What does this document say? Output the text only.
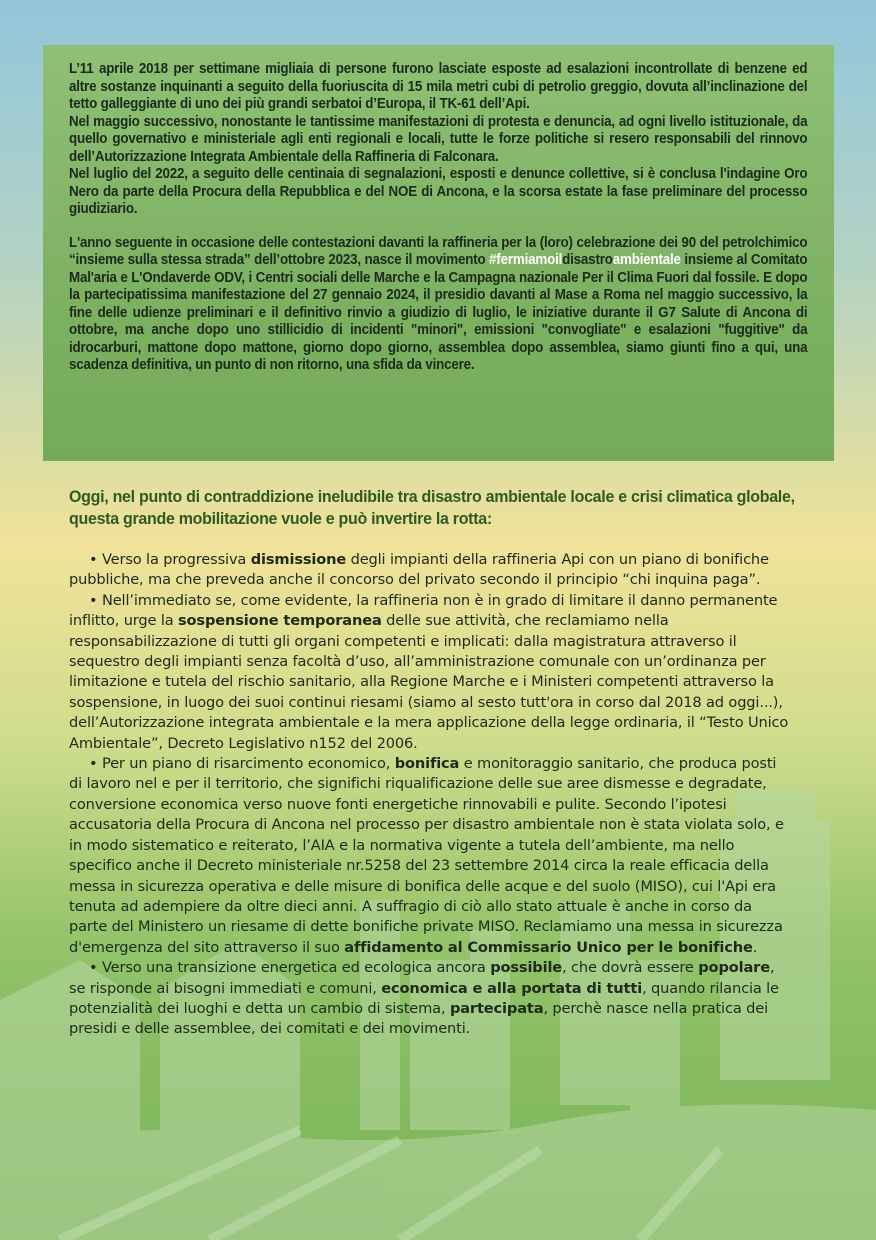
L’11 aprile 2018 per settimane migliaia di persone furono lasciate esposte ad esalazioni incontrollate di benzene ed altre sostanze inquinanti a seguito della fuoriuscita di 15 mila metri cubi di petrolio greggio, dovuta all’inclinazione del tetto galleggiante di uno dei più grandi serbatoi d’Europa, il TK-61 dell’Api.

Nel maggio successivo, nonostante le tantissime manifestazioni di protesta e denuncia, ad ogni livello istituzionale, da quello governativo e ministeriale agli enti regionali e locali, tutte le forze politiche si resero responsabili del rinnovo dell’Autorizzazione Integrata Ambientale della Raffineria di Falconara.

Nel luglio del 2022, a seguito delle centinaia di segnalazioni, esposti e denunce collettive, si è conclusa l'indagine Oro Nero da parte della Procura della Repubblica e del NOE di Ancona, e la scorsa estate la fase preliminare del processo giudiziario.

L'anno seguente in occasione delle contestazioni davanti la raffineria per la (loro) celebrazione dei 90 del petrolchimico “insieme sulla stessa strada” dell’ottobre 2023, nasce il movimento #fermiamoildisastroambientale insieme al Comitato Mal'aria e L'Ondaverde ODV, i Centri sociali delle Marche e la Campagna nazionale Per il Clima Fuori dal fossile. E dopo la partecipatissima manifestazione del 27 gennaio 2024, il presidio davanti al Mase a Roma nel maggio successivo, la fine delle udienze preliminari e il definitivo rinvio a giudizio di luglio, le iniziative durante il G7 Salute di Ancona di ottobre, ma anche dopo uno stillicidio di incidenti "minori", emissioni "convogliate" e esalazioni "fuggitive" da idrocarburi, mattone dopo mattone, giorno dopo giorno, assemblea dopo assemblea, siamo giunti fino a qui, una scadenza definitiva, un punto di non ritorno, una sfida da vincere.

Oggi, nel punto di contraddizione ineludibile tra disastro ambientale locale e crisi climatica globale, questa grande mobilitazione vuole e può invertire la rotta:

• Verso la progressiva dismissione degli impianti della raffineria Api con un piano di bonifiche pubbliche, ma che preveda anche il concorso del privato secondo il principio “chi inquina paga”.

• Nell’immediato se, come evidente, la raffineria non è in grado di limitare il danno permanente inflitto, urge la sospensione temporanea delle sue attività, che reclamiamo nella responsabilizzazione di tutti gli organi competenti e implicati: dalla magistratura attraverso il sequestro degli impianti senza facoltà d’uso, all’amministrazione comunale con un’ordinanza per limitazione e tutela del rischio sanitario, alla Regione Marche e i Ministeri competenti attraverso la sospensione, in luogo dei suoi continui riesami (siamo al sesto tutt'ora in corso dal 2018 ad oggi...), dell’Autorizzazione integrata ambientale e la mera applicazione della legge ordinaria, il “Testo Unico Ambientale”, Decreto Legislativo n152 del 2006.

• Per un piano di risarcimento economico, bonifica e monitoraggio sanitario, che produca posti di lavoro nel e per il territorio, che significhi riqualificazione delle sue aree dismesse e degradate, conversione economica verso nuove fonti energetiche rinnovabili e pulite. Secondo l’ipotesi accusatoria della Procura di Ancona nel processo per disastro ambientale non è stata violata solo, e in modo sistematico e reiterato, l’AIA e la normativa vigente a tutela dell’ambiente, ma nello specifico anche il Decreto ministeriale nr.5258 del 23 settembre 2014 circa la reale efficacia della messa in sicurezza operativa e delle misure di bonifica delle acque e del suolo (MISO), cui l'Api era tenuta ad adempiere da oltre dieci anni. A suffragio di ciò allo stato attuale è anche in corso da parte del Ministero un riesame di dette bonifiche private MISO. Reclamiamo una messa in sicurezza d'emergenza del sito attraverso il suo affidamento al Commissario Unico per le bonifiche.

• Verso una transizione energetica ed ecologica ancora possibile, che dovrà essere popolare, se risponde ai bisogni immediati e comuni, economica e alla portata di tutti, quando rilancia le potenzialità dei luoghi e detta un cambio di sistema, partecipata, perchè nasce nella pratica dei presidi e delle assemblee, dei comitati e dei movimenti.
